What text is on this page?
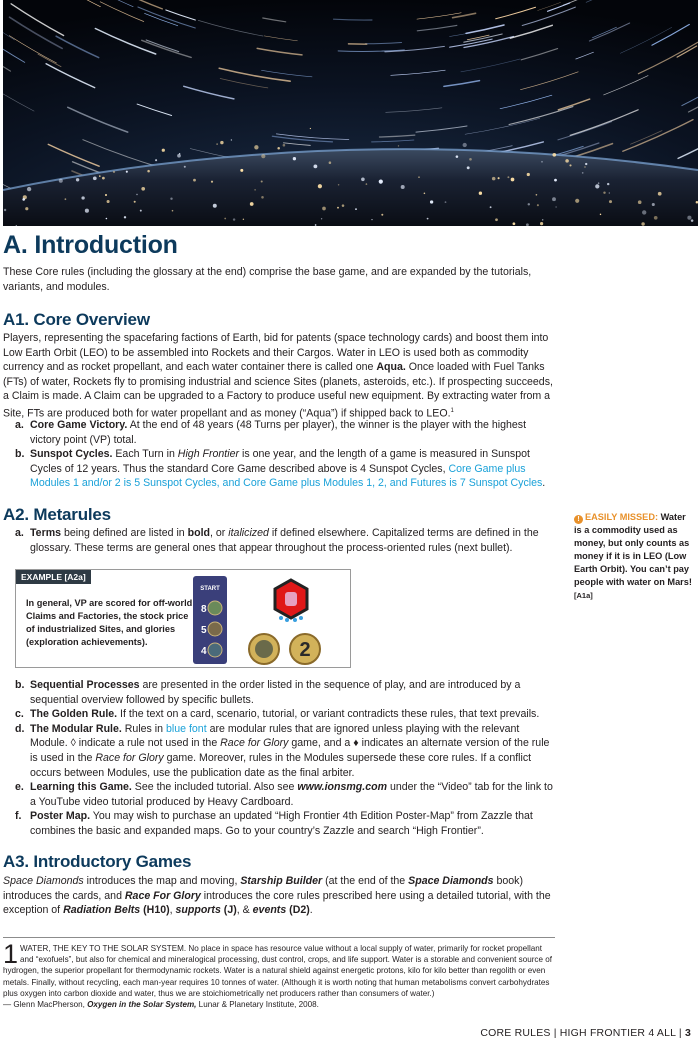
A. Introduction
These Core rules (including the glossary at the end) comprise the base game, and are expanded by the tutorials, variants, and modules.
A1. Core Overview
Players, representing the spacefaring factions of Earth, bid for patents (space technology cards) and boost them into Low Earth Orbit (LEO) to be assembled into Rockets and their Cargos. Water in LEO is used both as commodity currency and as rocket propellant, and each water container there is called one Aqua. Once loaded with Fuel Tanks (FTs) of water, Rockets fly to promising industrial and science Sites (planets, asteroids, etc.). If prospecting succeeds, a Claim is made. A Claim can be upgraded to a Factory to produce useful new equipment. By extracting water from a Site, FTs are produced both for water propellant and as money (“Aqua”) if shipped back to LEO.$^1$
a. Core Game Victory. At the end of 48 years (48 Turns per player), the winner is the player with the highest victory point (VP) total.
b. Sunspot Cycles. Each Turn in High Frontier is one year, and the length of a game is measured in Sunspot Cycles of 12 years. Thus the standard Core Game described above is 4 Sunspot Cycles, Core Game plus Modules 1 and/or 2 is 5 Sunspot Cycles, and Core Game plus Modules 1, 2, and Futures is 7 Sunspot Cycles.
A2. Metarules
a. Terms being defined are listed in bold, or italicized if defined elsewhere. Capitalized terms are defined in the glossary. These terms are general ones that appear throughout the process-oriented rules (next bullet).
EXAMPLE [A2a]
In general, VP are scored for off-world Claims and Factories, the stock price of industrialized Sites, and glories (exploration achievements).
START
8
5
4	2
b. Sequential Processes are presented in the order listed in the sequence of play, and are introduced by a sequential overview followed by specific bullets.
c. The Golden Rule. If the text on a card, scenario, tutorial, or variant contradicts these rules, that text prevails.
d. The Modular Rule. Rules in blue font are modular rules that are ignored unless playing with the relevant Module. ◊ indicate a rule not used in the Race for Glory game, and a ♦ indicates an alternate version of the rule is used in the Race for Glory game. Moreover, rules in the Modules supersede these core rules. If a conflict occurs between Modules, use the publication date as the final arbiter.
e. Learning this Game. See the included tutorial. Also see www.ionsmg.com under the “Video” tab for the link to a YouTube video tutorial produced by Heavy Cardboard.
f. Poster Map. You may wish to purchase an updated “High Frontier 4th Edition Poster-Map” from Zazzle that combines the basic and expanded maps. Go to your country’s Zazzle and search “High Frontier”.
! EASILY MISSED: Water is a commodity used as money, but only counts as money if it is in LEO (Low Earth Orbit). You can’t pay people with water on Mars! [A1a]
A3. Introductory Games
Space Diamonds introduces the map and moving, Starship Builder (at the end of the Space Diamonds book) introduces the cards, and Race For Glory introduces the core rules prescribed here using a detailed tutorial, with the exception of Radiation Belts (H10), supports (J), & events (D2).
1 WATER, THE KEY TO THE SOLAR SYSTEM. No place in space has resource value without a local supply of water, primarily for rocket propellant and “exofuels”, but also for chemical and mineralogical processing, dust control, crops, and life support. Water is a storable and convenient source of hydrogen, the superior propellant for thermodynamic rockets. Water is a natural shield against energetic protons, kilo for kilo better than regolith or even metals. Finally, without recycling, each man-year requires 10 tonnes of water. (Although it is worth noting that human metabolisms convert carbohydrates plus oxygen into carbon dioxide and water, thus we are stoichiometrically net producers rather than consumers of water.)
— Glenn MacPherson, Oxygen in the Solar System, Lunar & Planetary Institute, 2008.
CORE RULES | HIGH FRONTIER 4 ALL | 3
